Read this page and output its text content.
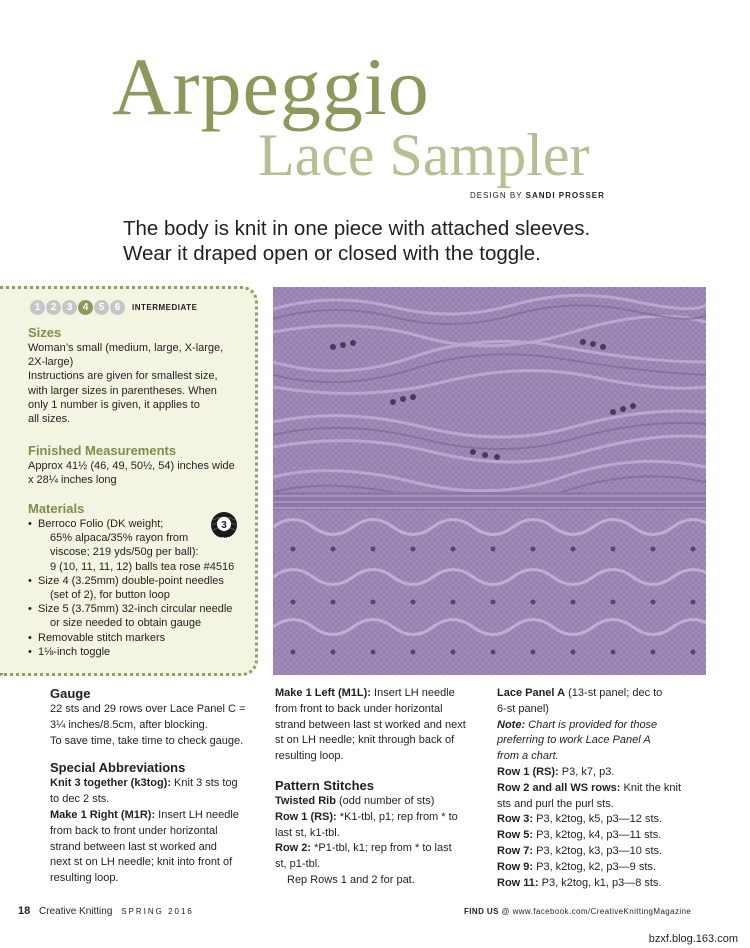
Arpeggio
Lace Sampler
DESIGN BY SANDI PROSSER
The body is knit in one piece with attached sleeves.
Wear it draped open or closed with the toggle.
1	2	3	4	5	6	INTERMEDIATE
Sizes
Woman’s small (medium, large, X-large,
2X-large)
Instructions are given for smallest size,
with larger sizes in parentheses. When
only 1 number is given, it applies to
all sizes.
Finished Measurements
Approx 41½ (46, 49, 50½, 54) inches wide
x 28¼ inches long
Materials
• Berroco Folio (DK weight;
65% alpaca/35% rayon from
viscose; 219 yds/50g per ball):
9 (10, 11, 11, 12) balls tea rose #4516
• Size 4 (3.25mm) double-point needles
(set of 2), for button loop
• Size 5 (3.75mm) 32-inch circular needle
or size needed to obtain gauge
• Removable stitch markers
• 1⅛-inch toggle
3
LIGHT
Gauge
22 sts and 29 rows over Lace Panel C =
3¼ inches/8.5cm, after blocking.
To save time, take time to check gauge.
Special Abbreviations
Knit 3 together (k3tog): Knit 3 sts tog
to dec 2 sts.
Make 1 Right (M1R): Insert LH needle
from back to front under horizontal
strand between last st worked and
next st on LH needle; knit into front of
resulting loop.
Make 1 Left (M1L): Insert LH needle
from front to back under horizontal
strand between last st worked and next
st on LH needle; knit through back of
resulting loop.
Pattern Stitches
Twisted Rib (odd number of sts)
Row 1 (RS): *K1-tbl, p1; rep from * to
last st, k1-tbl.
Row 2: *P1-tbl, k1; rep from * to last
st, p1-tbl.
Rep Rows 1 and 2 for pat.
Lace Panel A (13-st panel; dec to
6-st panel)
Note: Chart is provided for those
preferring to work Lace Panel A
from a chart.
Row 1 (RS): P3, k7, p3.
Row 2 and all WS rows: Knit the knit
sts and purl the purl sts.
Row 3: P3, k2tog, k5, p3—12 sts.
Row 5: P3, k2tog, k4, p3—11 sts.
Row 7: P3, k2tog, k3, p3—10 sts.
Row 9: P3, k2tog, k2, p3—9 sts.
Row 11: P3, k2tog, k1, p3—8 sts.
18 Creative Knitting SPRING 2016	FIND US @ www.facebook.com/CreativeKnittingMagazine
bzxf.blog.163.com
